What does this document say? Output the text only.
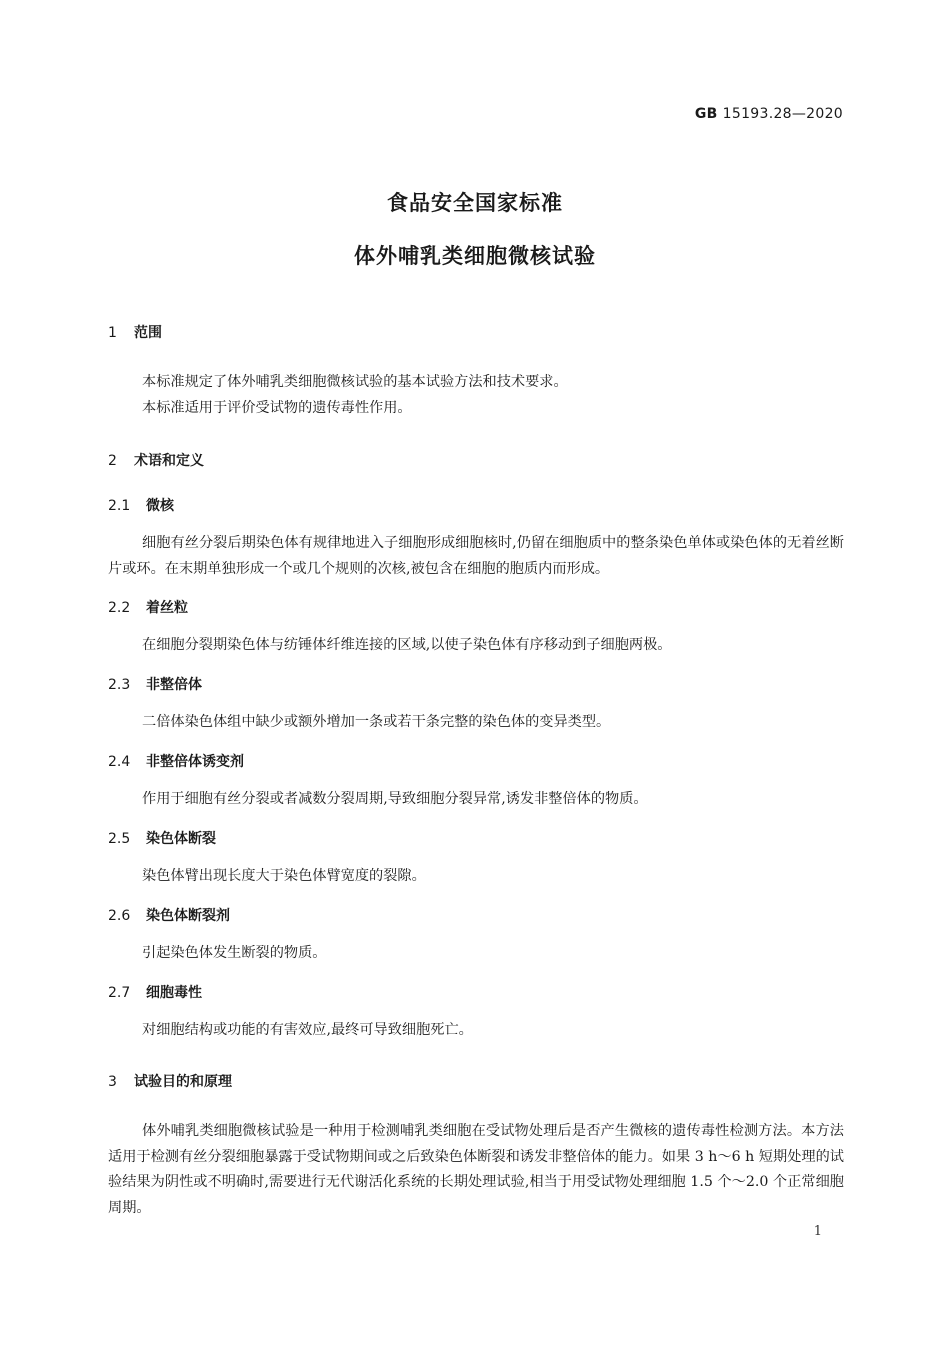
GB 15193.28—2020
食品安全国家标准
体外哺乳类细胞微核试验
1 范围

本标准规定了体外哺乳类细胞微核试验的基本试验方法和技术要求。

本标准适用于评价受试物的遗传毒性作用。

2 术语和定义
2.1 微核

细胞有丝分裂后期染色体有规律地进入子细胞形成细胞核时,仍留在细胞质中的整条染色单体或染色体的无着丝断片或环。在末期单独形成一个或几个规则的次核,被包含在细胞的胞质内而形成。

2.2 着丝粒

在细胞分裂期染色体与纺锤体纤维连接的区域,以使子染色体有序移动到子细胞两极。

2.3 非整倍体

二倍体染色体组中缺少或额外增加一条或若干条完整的染色体的变异类型。

2.4 非整倍体诱变剂

作用于细胞有丝分裂或者减数分裂周期,导致细胞分裂异常,诱发非整倍体的物质。

2.5 染色体断裂

染色体臂出现长度大于染色体臂宽度的裂隙。

2.6 染色体断裂剂

引起染色体发生断裂的物质。

2.7 细胞毒性

对细胞结构或功能的有害效应,最终可导致细胞死亡。

3 试验目的和原理

体外哺乳类细胞微核试验是一种用于检测哺乳类细胞在受试物处理后是否产生微核的遗传毒性检测方法。本方法适用于检测有丝分裂细胞暴露于受试物期间或之后致染色体断裂和诱发非整倍体的能力。如果 3 h～6 h 短期处理的试验结果为阴性或不明确时,需要进行无代谢活化系统的长期处理试验,相当于用受试物处理细胞 1.5 个～2.0 个正常细胞周期。

1
